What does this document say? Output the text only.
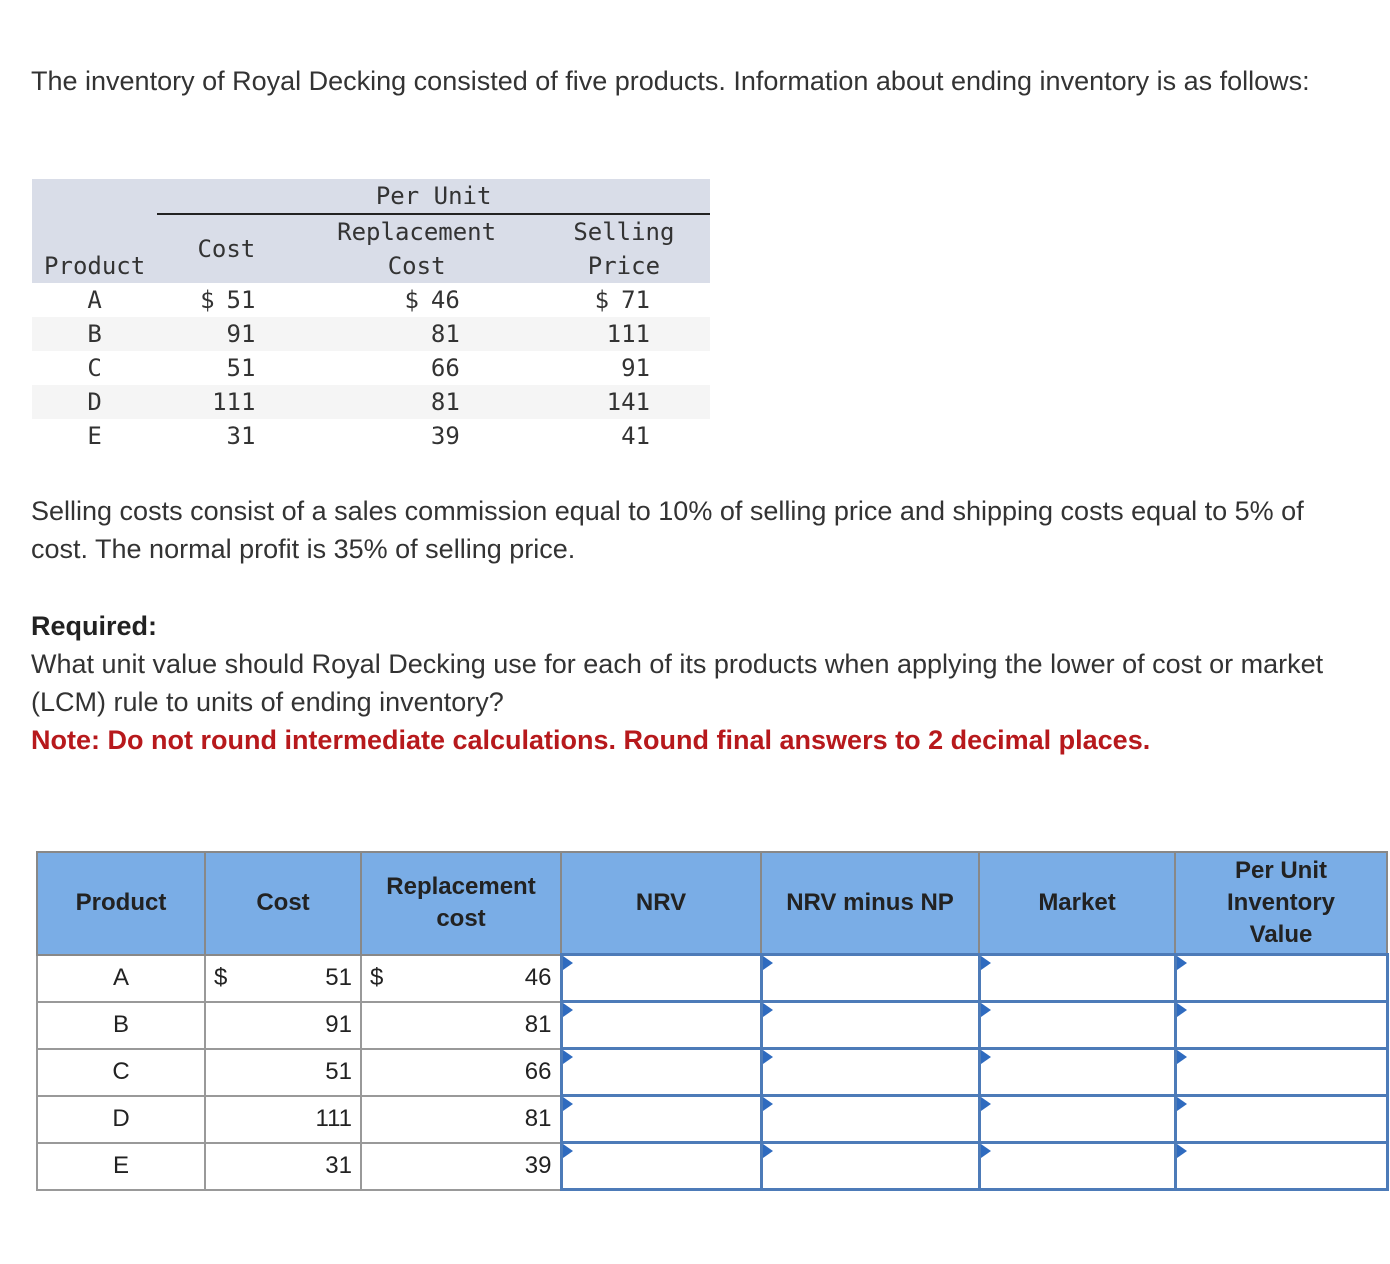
The inventory of Royal Decking consisted of five products. Information about ending inventory is as follows:
	Per Unit		
	Cost	Replacement	Selling
Product		Cost	Price
A	$ 51	$ 46	$ 71
B	91	81	111
C	51	66	91
D	111	81	141
E	31	39	41
Selling costs consist of a sales commission equal to 10% of selling price and shipping costs equal to 5% of cost. The normal profit is 35% of selling price.
Required:
What unit value should Royal Decking use for each of its products when applying the lower of cost or market (LCM) rule to units of ending inventory?
Note: Do not round intermediate calculations. Round final answers to 2 decimal places.
Product	Cost	Replacement cost	NRV	NRV minus NP	Market	Per Unit
Inventory
Value
A	$ 51	$ 46	

B	91	81	

C	51	66	

D	111	81	

E	31	39	
